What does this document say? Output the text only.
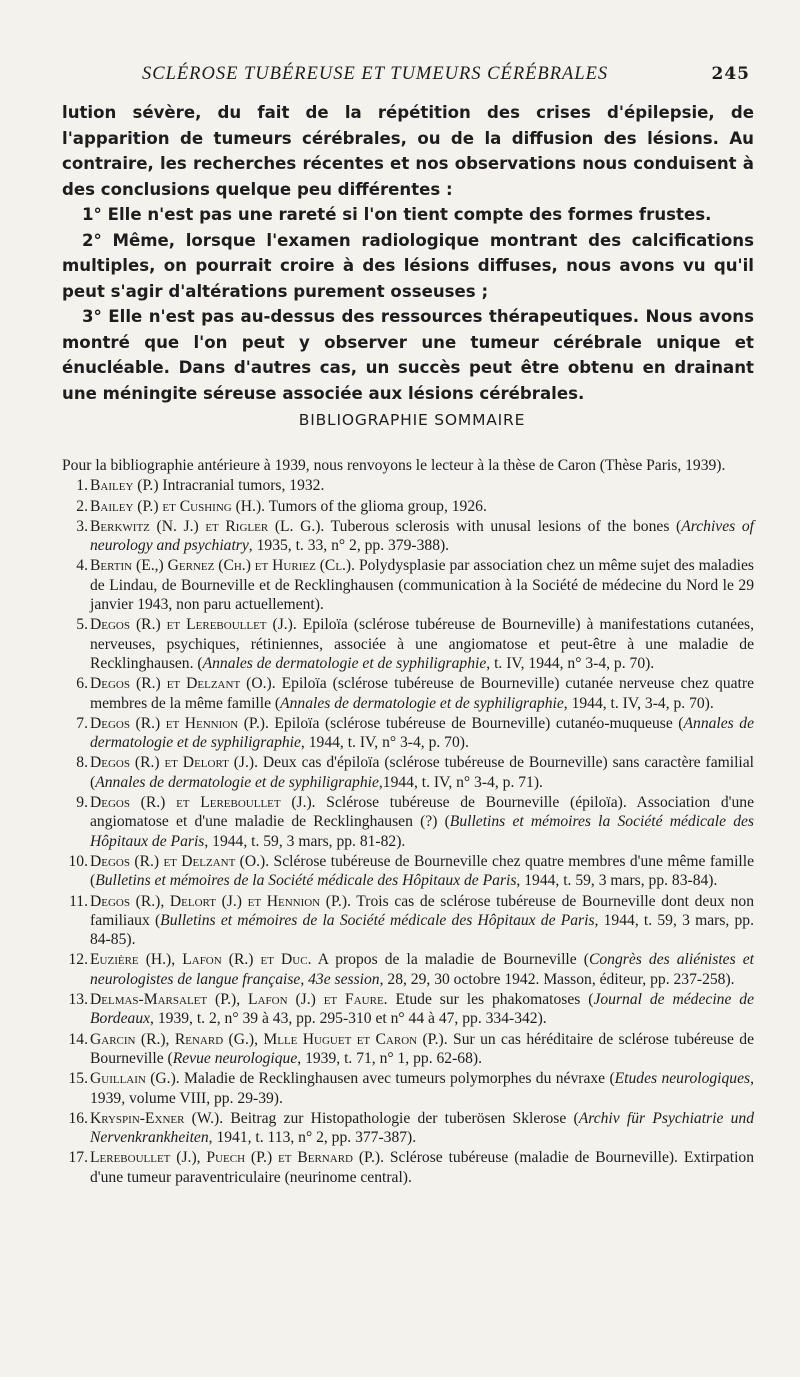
SCLÉROSE TUBÉREUSE ET TUMEURS CÉRÉBRALES	245

lution sévère, du fait de la répétition des crises d'épilepsie, de l'apparition de tumeurs cérébrales, ou de la diffusion des lésions. Au contraire, les recherches récentes et nos observations nous conduisent à des conclusions quelque peu différentes :

1° Elle n'est pas une rareté si l'on tient compte des formes frustes.

2° Même, lorsque l'examen radiologique montrant des calcifications multiples, on pourrait croire à des lésions diffuses, nous avons vu qu'il peut s'agir d'altérations purement osseuses ;

3° Elle n'est pas au-dessus des ressources thérapeutiques. Nous avons montré que l'on peut y observer une tumeur cérébrale unique et énucléable. Dans d'autres cas, un succès peut être obtenu en drainant une méningite séreuse associée aux lésions cérébrales.

BIBLIOGRAPHIE SOMMAIRE

Pour la bibliographie antérieure à 1939, nous renvoyons le lecteur à la thèse de Caron (Thèse Paris, 1939).

1. Bailey (P.) Intracranial tumors, 1932.

2. Bailey (P.) et Cushing (H.). Tumors of the glioma group, 1926.

3. Berkwitz (N. J.) et Rigler (L. G.). Tuberous sclerosis with unusal lesions of the bones (Archives of neurology and psychiatry, 1935, t. 33, n° 2, pp. 379-388).

4. Bertin (E.,) Gernez (Ch.) et Huriez (Cl.). Polydysplasie par association chez un même sujet des maladies de Lindau, de Bourneville et de Recklinghausen (communication à la Société de médecine du Nord le 29 janvier 1943, non paru actuellement).

5. Degos (R.) et Lereboullet (J.). Epiloïa (sclérose tubéreuse de Bourneville) à manifestations cutanées, nerveuses, psychiques, rétiniennes, associée à une angiomatose et peut-être à une maladie de Recklinghausen. (Annales de dermatologie et de syphiligraphie, t. IV, 1944, n° 3-4, p. 70).

6. Degos (R.) et Delzant (O.). Epiloïa (sclérose tubéreuse de Bourneville) cutanée nerveuse chez quatre membres de la même famille (Annales de dermatologie et de syphiligraphie, 1944, t. IV, 3-4, p. 70).

7. Degos (R.) et Hennion (P.). Epiloïa (sclérose tubéreuse de Bourneville) cutanéo-muqueuse (Annales de dermatologie et de syphiligraphie, 1944, t. IV, n° 3-4, p. 70).

8. Degos (R.) et Delort (J.). Deux cas d'épiloïa (sclérose tubéreuse de Bourneville) sans caractère familial (Annales de dermatologie et de syphiligraphie,1944, t. IV, n° 3-4, p. 71).

9. Degos (R.) et Lereboullet (J.). Sclérose tubéreuse de Bourneville (épiloïa). Association d'une angiomatose et d'une maladie de Recklinghausen (?) (Bulletins et mémoires la Société médicale des Hôpitaux de Paris, 1944, t. 59, 3 mars, pp. 81-82).

10. Degos (R.) et Delzant (O.). Sclérose tubéreuse de Bourneville chez quatre membres d'une même famille (Bulletins et mémoires de la Société médicale des Hôpitaux de Paris, 1944, t. 59, 3 mars, pp. 83-84).

11. Degos (R.), Delort (J.) et Hennion (P.). Trois cas de sclérose tubéreuse de Bourneville dont deux non familiaux (Bulletins et mémoires de la Société médicale des Hôpitaux de Paris, 1944, t. 59, 3 mars, pp. 84-85).

12. Euzière (H.), Lafon (R.) et Duc. A propos de la maladie de Bourneville (Congrès des aliénistes et neurologistes de langue française, 43e session, 28, 29, 30 octobre 1942. Masson, éditeur, pp. 237-258).

13. Delmas-Marsalet (P.), Lafon (J.) et Faure. Etude sur les phakomatoses (Journal de médecine de Bordeaux, 1939, t. 2, n° 39 à 43, pp. 295-310 et n° 44 à 47, pp. 334-342).

14. Garcin (R.), Renard (G.), Mlle Huguet et Caron (P.). Sur un cas héréditaire de sclérose tubéreuse de Bourneville (Revue neurologique, 1939, t. 71, n° 1, pp. 62-68).

15. Guillain (G.). Maladie de Recklinghausen avec tumeurs polymorphes du névraxe (Etudes neurologiques, 1939, volume VIII, pp. 29-39).

16. Kryspin-Exner (W.). Beitrag zur Histopathologie der tuberösen Sklerose (Archiv für Psychiatrie und Nervenkrankheiten, 1941, t. 113, n° 2, pp. 377-387).

17. Lereboullet (J.), Puech (P.) et Bernard (P.). Sclérose tubéreuse (maladie de Bourneville). Extirpation d'une tumeur paraventriculaire (neurinome central).
